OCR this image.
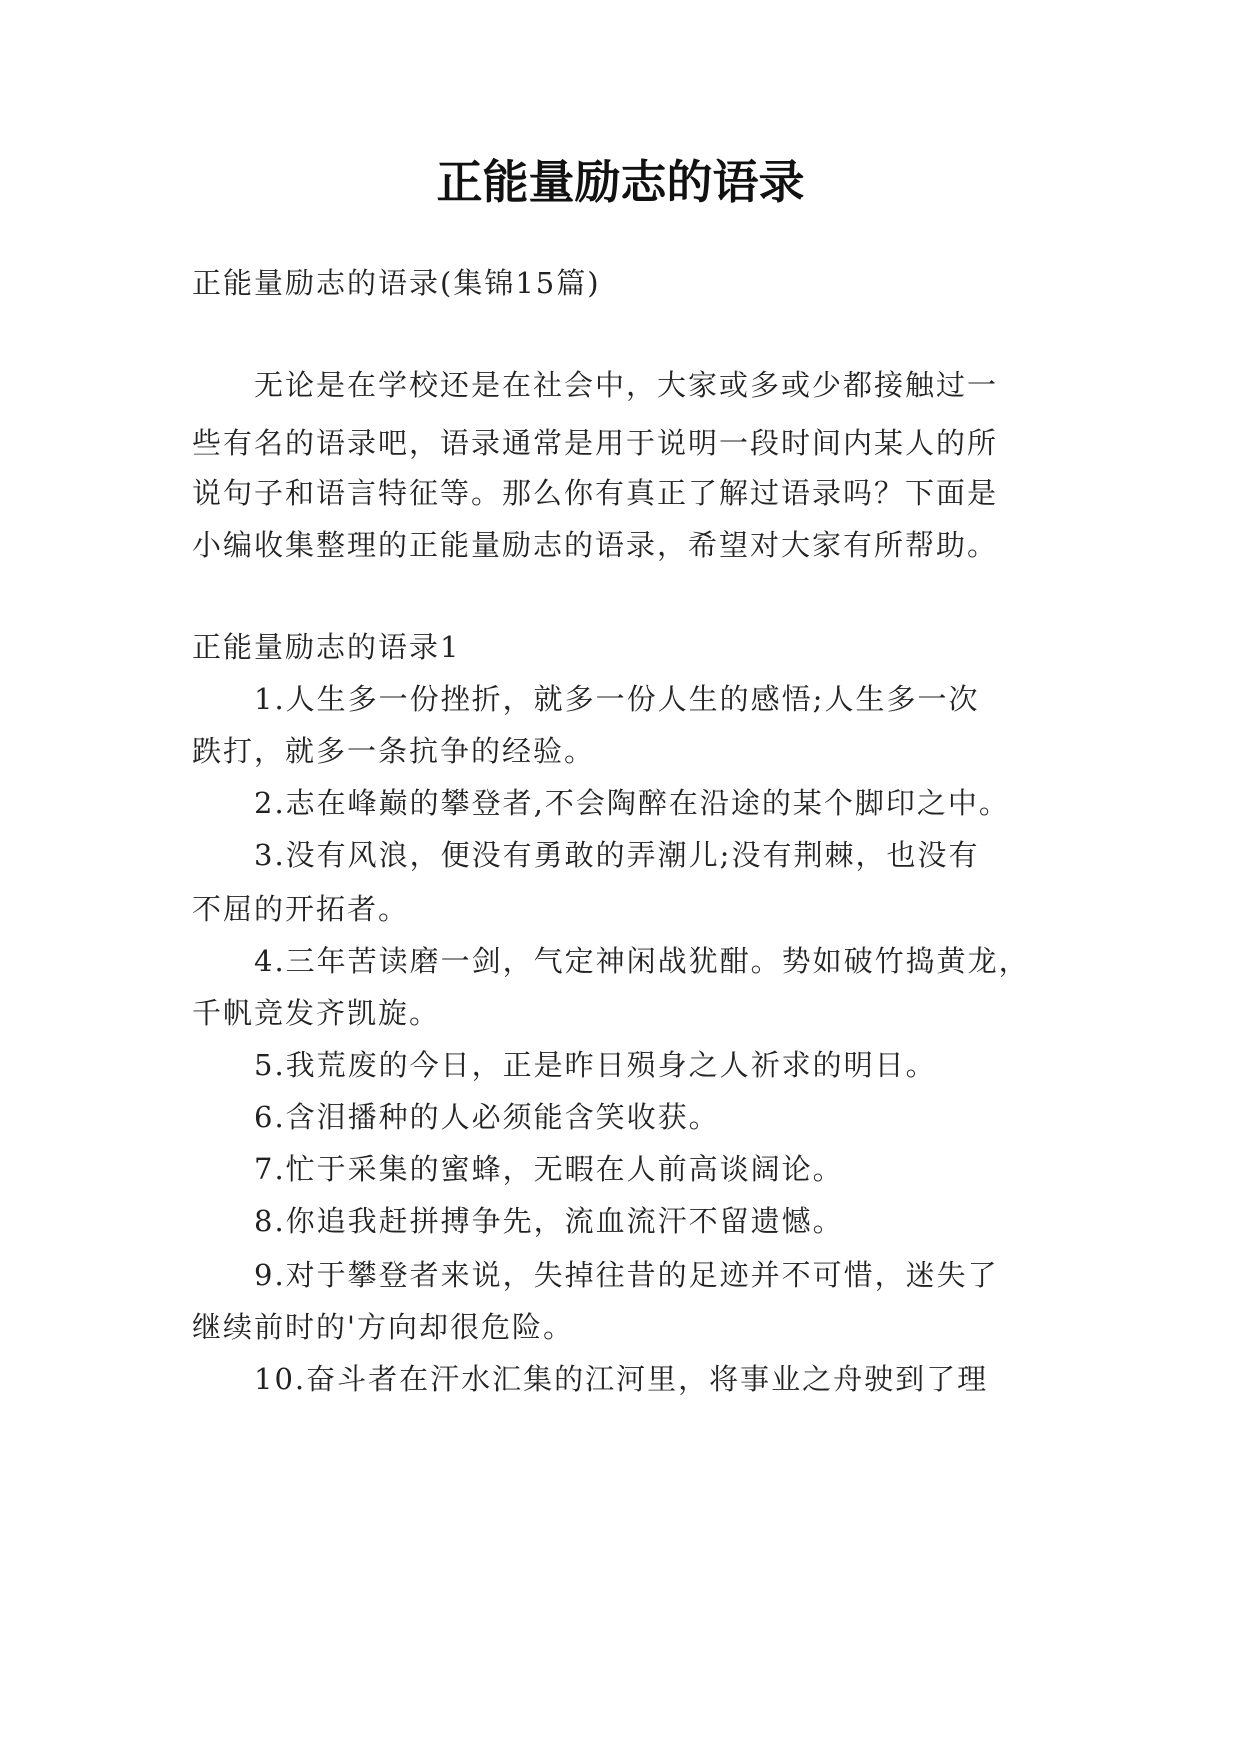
正能量励志的语录
正能量励志的语录(集锦15篇)
无论是在学校还是在社会中，大家或多或少都接触过一
些有名的语录吧，语录通常是用于说明一段时间内某人的所
说句子和语言特征等。那么你有真正了解过语录吗？下面是
小编收集整理的正能量励志的语录，希望对大家有所帮助。
正能量励志的语录1
1.人生多一份挫折，就多一份人生的感悟;人生多一次
跌打，就多一条抗争的经验。
2.志在峰巅的攀登者,不会陶醉在沿途的某个脚印之中。
3.没有风浪，便没有勇敢的弄潮儿;没有荆棘，也没有
不屈的开拓者。
4.三年苦读磨一剑，气定神闲战犹酣。势如破竹捣黄龙，
千帆竞发齐凯旋。
5.我荒废的今日，正是昨日殒身之人祈求的明日。
6.含泪播种的人必须能含笑收获。
7.忙于采集的蜜蜂，无暇在人前高谈阔论。
8.你追我赶拼搏争先，流血流汗不留遗憾。
9.对于攀登者来说，失掉往昔的足迹并不可惜，迷失了
继续前时的'方向却很危险。
10.奋斗者在汗水汇集的江河里，将事业之舟驶到了理
